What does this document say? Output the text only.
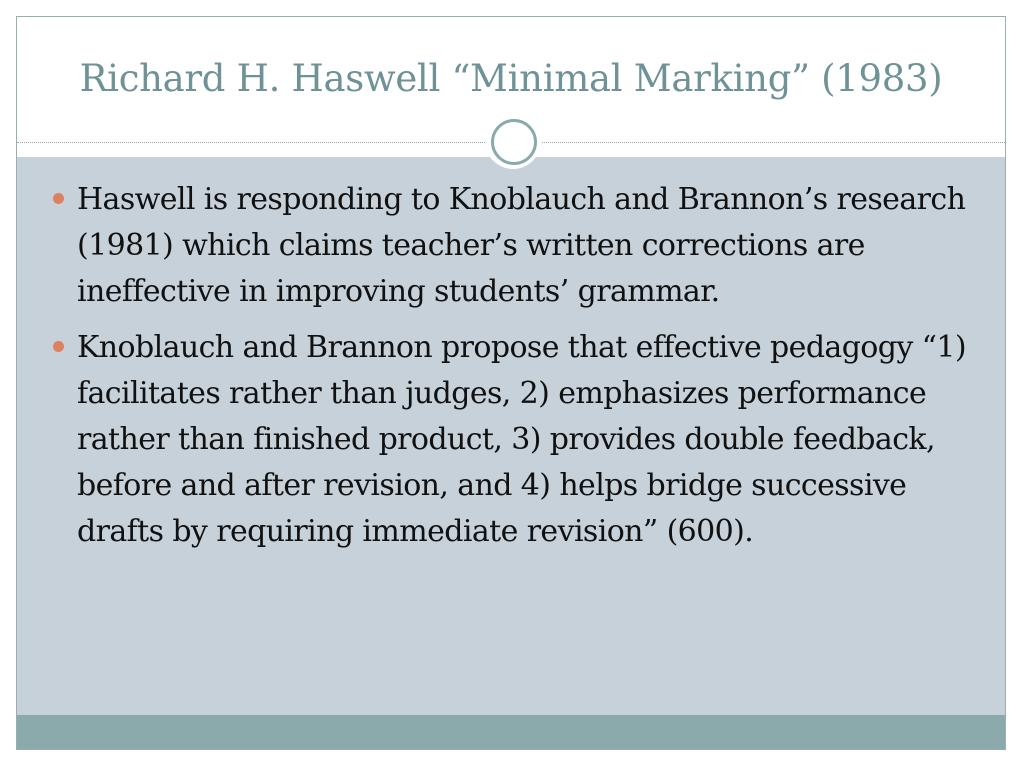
Richard H. Haswell “Minimal Marking” (1983)
Haswell is responding to Knoblauch and Brannon’s research (1981) which claims teacher’s written corrections are ineffective in improving students’ grammar.
Knoblauch and Brannon propose that effective pedagogy “1) facilitates rather than judges, 2) emphasizes performance rather than finished product, 3) provides double feedback, before and after revision, and 4) helps bridge successive drafts by requiring immediate revision” (600).
